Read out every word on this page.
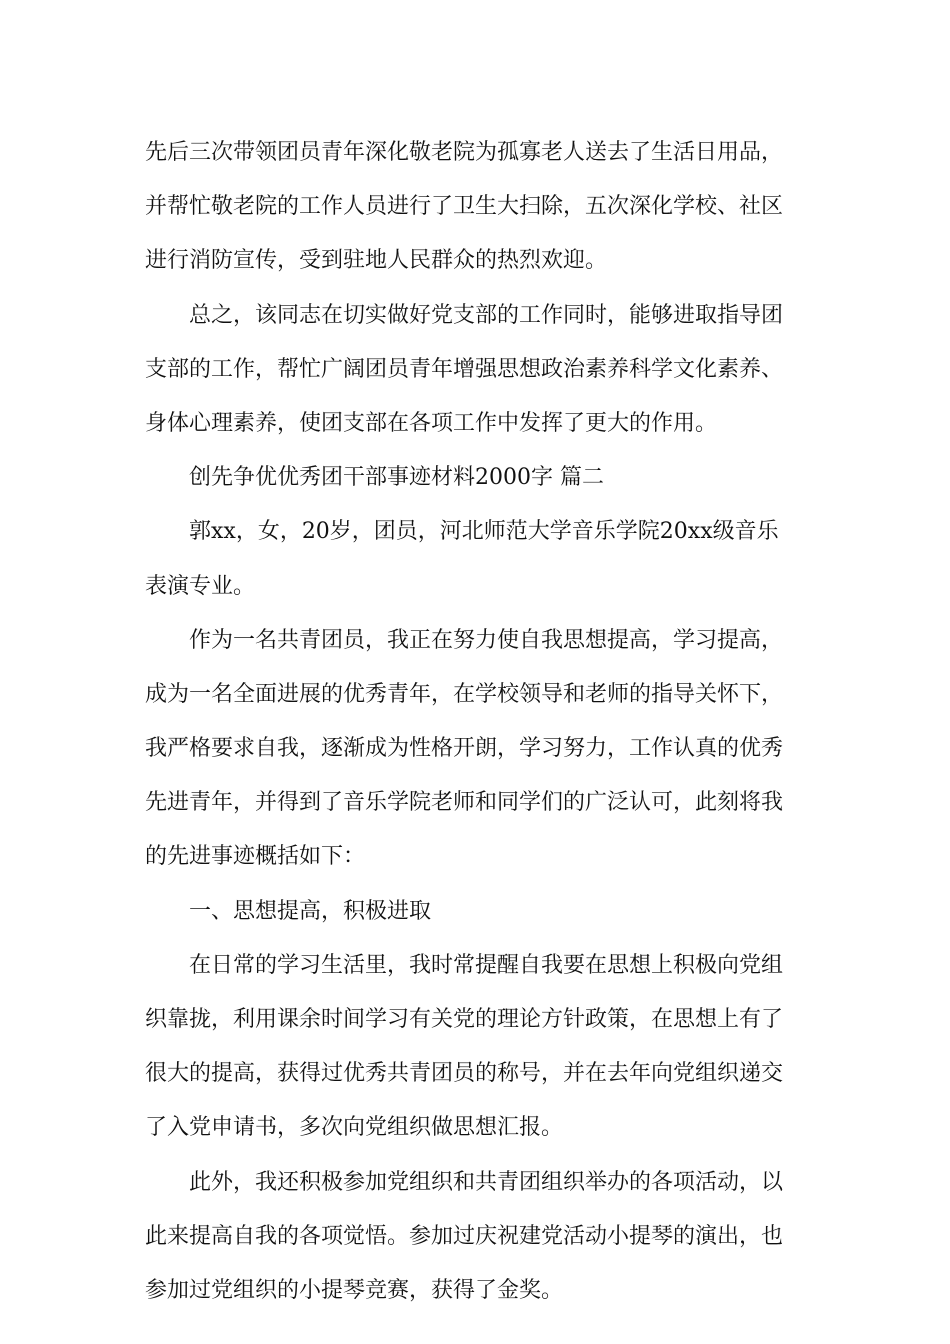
先后三次带领团员青年深化敬老院为孤寡老人送去了生活日用品，
并帮忙敬老院的工作人员进行了卫生大扫除，五次深化学校、社区
进行消防宣传，受到驻地人民群众的热烈欢迎。
总之，该同志在切实做好党支部的工作同时，能够进取指导团
支部的工作，帮忙广阔团员青年增强思想政治素养科学文化素养、
身体心理素养，使团支部在各项工作中发挥了更大的作用。
创先争优优秀团干部事迹材料2000字 篇二
郭xx，女，20岁，团员，河北师范大学音乐学院20xx级音乐
表演专业。
作为一名共青团员，我正在努力使自我思想提高，学习提高，
成为一名全面进展的优秀青年，在学校领导和老师的指导关怀下，
我严格要求自我，逐渐成为性格开朗，学习努力，工作认真的优秀
先进青年，并得到了音乐学院老师和同学们的广泛认可，此刻将我
的先进事迹概括如下：
一、思想提高，积极进取
在日常的学习生活里，我时常提醒自我要在思想上积极向党组
织靠拢，利用课余时间学习有关党的理论方针政策，在思想上有了
很大的提高，获得过优秀共青团员的称号，并在去年向党组织递交
了入党申请书，多次向党组织做思想汇报。
此外，我还积极参加党组织和共青团组织举办的各项活动，以
此来提高自我的各项觉悟。参加过庆祝建党活动小提琴的演出，也
参加过党组织的小提琴竞赛，获得了金奖。
